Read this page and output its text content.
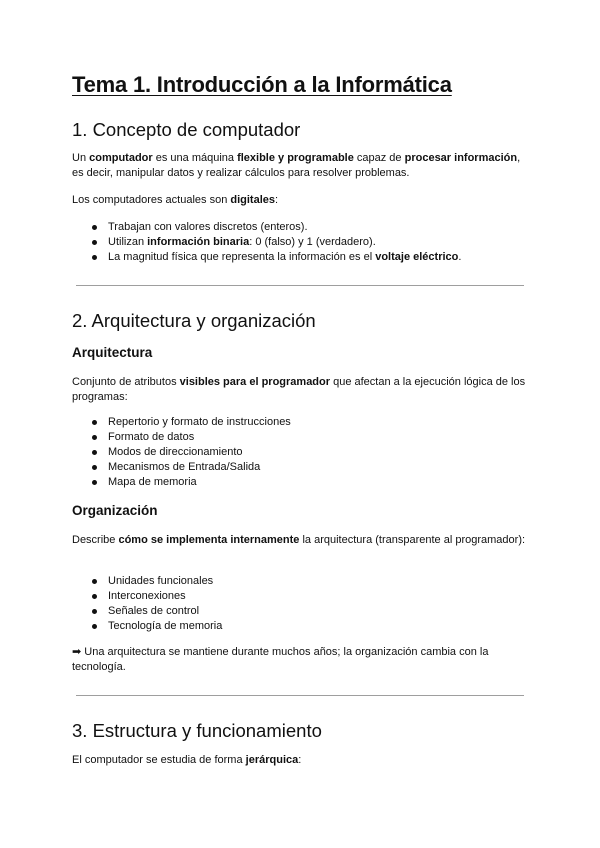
Tema 1. Introducción a la Informática
1. Concepto de computador

Un computador es una máquina flexible y programable capaz de procesar información, es decir, manipular datos y realizar cálculos para resolver problemas.

Los computadores actuales son digitales:

Trabajan con valores discretos (enteros).
Utilizan información binaria: 0 (falso) y 1 (verdadero).
La magnitud física que representa la información es el voltaje eléctrico.
2. Arquitectura y organización
Arquitectura

Conjunto de atributos visibles para el programador que afectan a la ejecución lógica de los programas:

Repertorio y formato de instrucciones
Formato de datos
Modos de direccionamiento
Mecanismos de Entrada/Salida
Mapa de memoria
Organización

Describe cómo se implementa internamente la arquitectura (transparente al programador):

Unidades funcionales
Interconexiones
Señales de control
Tecnología de memoria

➡ Una arquitectura se mantiene durante muchos años; la organización cambia con la tecnología.

3. Estructura y funcionamiento

El computador se estudia de forma jerárquica:
